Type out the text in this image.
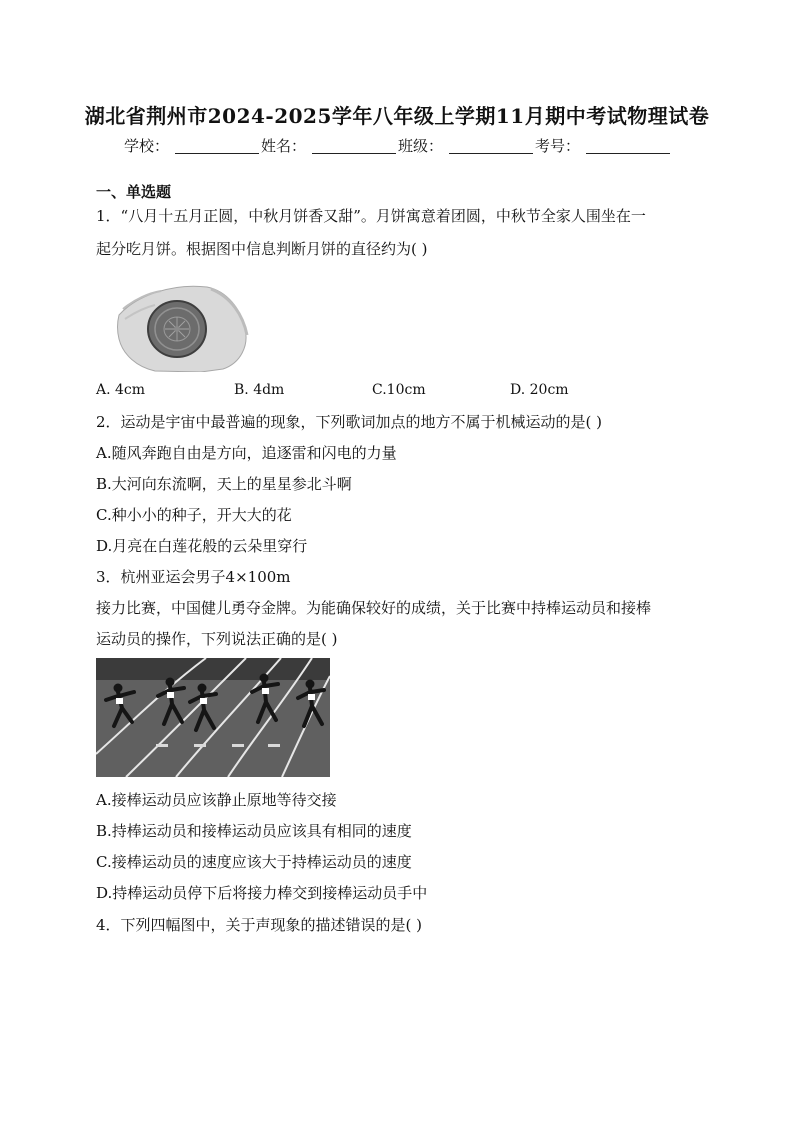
湖北省荆州市2024-2025学年八年级上学期11月期中考试物理试卷
学校：	姓名：	班级：	考号：
一、单选题
1．“八月十五月正圆，中秋月饼香又甜”。月饼寓意着团圆，中秋节全家人围坐在一
起分吃月饼。根据图中信息判断月饼的直径约为( )
A. 4cm	B. 4dm	C.10cm	D. 20cm
2．运动是宇宙中最普遍的现象，下列歌词加点的地方不属于机械运动的是( )
A.随风奔跑自由是方向，追逐雷和闪电的力量
B.大河向东流啊，天上的星星参北斗啊
C.种小小的种子，开大大的花
D.月亮在白莲花般的云朵里穿行
3．杭州亚运会男子4×100m
接力比赛，中国健儿勇夺金牌。为能确保较好的成绩，关于比赛中持棒运动员和接棒
运动员的操作，下列说法正确的是( )
A.接棒运动员应该静止原地等待交接
B.持棒运动员和接棒运动员应该具有相同的速度
C.接棒运动员的速度应该大于持棒运动员的速度
D.持棒运动员停下后将接力棒交到接棒运动员手中
4．下列四幅图中，关于声现象的描述错误的是( )
